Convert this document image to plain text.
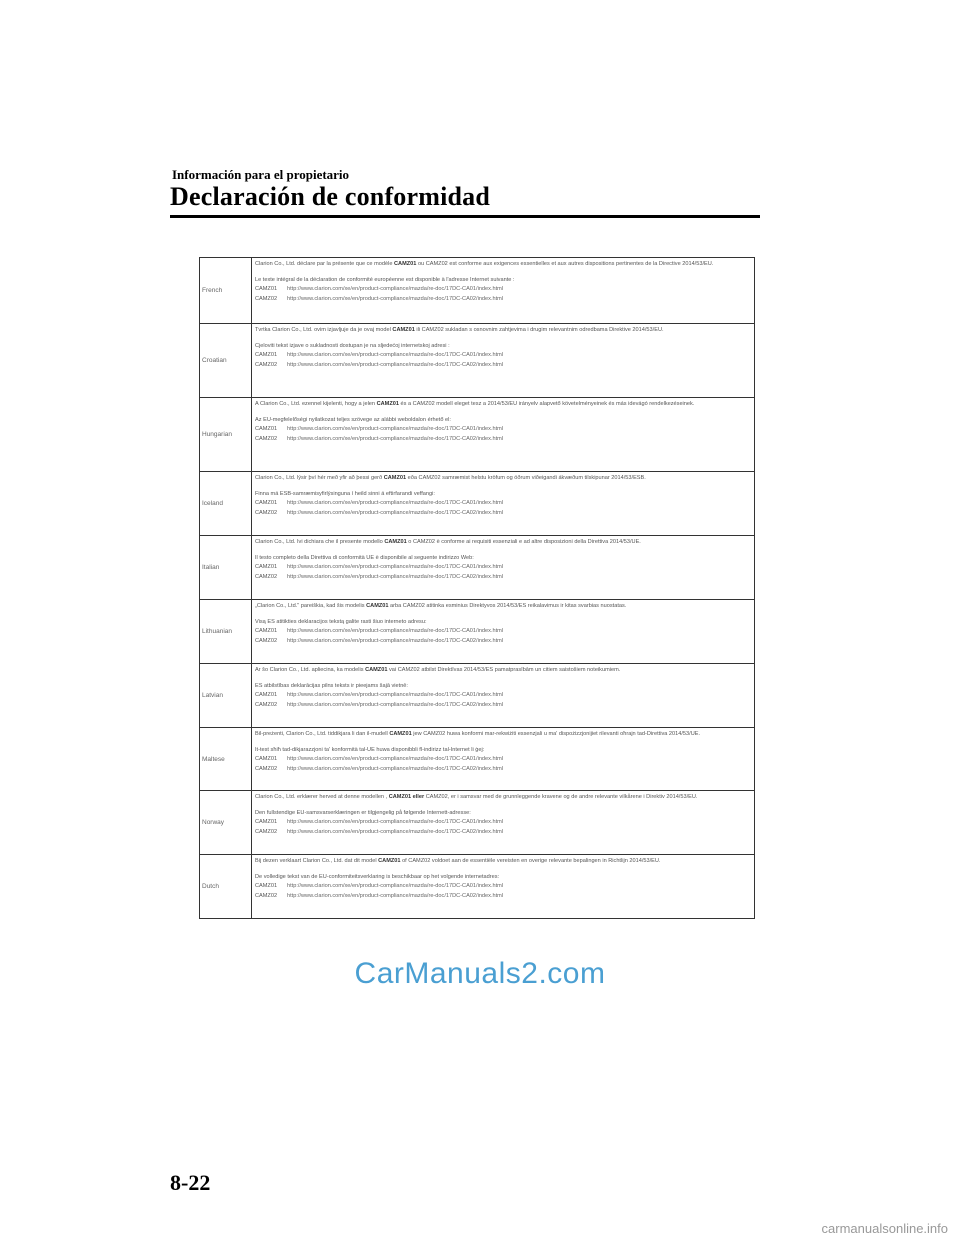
Información para el propietario
Declaración de conformidad
French	Clarion Co., Ltd. déclare par la présente que ce modèle CAMZ01 ou CAMZ02 est conforme aux exigences essentielles et aux autres dispositions pertinentes de la Directive 2014/53/EU.
Le texte intégral de la déclaration de conformité européenne est disponible à l'adresse Internet suivante :
CAMZ01 http://www.clarion.com/xe/en/product-compliance/mazda/re-doc/17DC-CA01/index.html
CAMZ02 http://www.clarion.com/xe/en/product-compliance/mazda/re-doc/17DC-CA02/index.html

Croatian	Tvrtka Clarion Co., Ltd. ovim izjavljuje da je ovaj model CAMZ01 ili CAMZ02 sukladan s osnovnim zahtjevima i drugim relevantnim odredbama Direktive 2014/53/EU.
Cjeloviti tekst izjave o sukladnosti dostupan je na sljedećoj internetskoj adresi :
CAMZ01 http://www.clarion.com/xe/en/product-compliance/mazda/re-doc/17DC-CA01/index.html
CAMZ02 http://www.clarion.com/xe/en/product-compliance/mazda/re-doc/17DC-CA02/index.html

Hungarian	A Clarion Co., Ltd. ezennel kijelenti, hogy a jelen CAMZ01 és a CAMZ02 modell eleget tesz a 2014/53/EU irányelv alapvető követelményeinek és más idevágó rendelkezéseinek.
Az EU-megfelelőségi nyilatkozat teljes szövege az alábbi weboldalon érhető el:
CAMZ01 http://www.clarion.com/xe/en/product-compliance/mazda/re-doc/17DC-CA01/index.html
CAMZ02 http://www.clarion.com/xe/en/product-compliance/mazda/re-doc/17DC-CA02/index.html

Iceland	Clarion Co., Ltd. lýsir því hér með yfir að þessi gerð CAMZ01 eða CAMZ02 samræmist helstu kröfum og öðrum viðeigandi ákvæðum tilskipunar 2014/53/ESB.
Finna má ESB-samræmisyfirlýsinguna í heild sinni á eftirfarandi veffangi:
CAMZ01 http://www.clarion.com/xe/en/product-compliance/mazda/re-doc/17DC-CA01/index.html
CAMZ02 http://www.clarion.com/xe/en/product-compliance/mazda/re-doc/17DC-CA02/index.html

Italian	Clarion Co., Ltd. Ivi dichiara che il presente modello CAMZ01 o CAMZ02 è conforme ai requisiti essenziali e ad altre disposizioni della Direttiva 2014/53/UE.
Il testo completo della Direttiva di conformità UE è disponibile al seguente indirizzo Web:
CAMZ01 http://www.clarion.com/xe/en/product-compliance/mazda/re-doc/17DC-CA01/index.html
CAMZ02 http://www.clarion.com/xe/en/product-compliance/mazda/re-doc/17DC-CA02/index.html

Lithuanian	„Clarion Co., Ltd." pareiškia, kad šis modelis CAMZ01 arba CAMZ02 atitinka esminius Direktyvos 2014/53/ES reikalavimus ir kitas svarbias nuostatas.
Visą ES atitikties deklaracijos tekstą galite rasti šiuo interneto adresu:
CAMZ01 http://www.clarion.com/xe/en/product-compliance/mazda/re-doc/17DC-CA01/index.html
CAMZ02 http://www.clarion.com/xe/en/product-compliance/mazda/re-doc/17DC-CA02/index.html

Latvian	Ar šo Clarion Co., Ltd. apliecina, ka modelis CAMZ01 vai CAMZ02 atbilst Direktīvas 2014/53/ES pamatprasībām un citiem saistošiem noteikumiem.
ES atbilstības deklarācijas pilns teksts ir pieejams šajā vietnē:
CAMZ01 http://www.clarion.com/xe/en/product-compliance/mazda/re-doc/17DC-CA01/index.html
CAMZ02 http://www.clarion.com/xe/en/product-compliance/mazda/re-doc/17DC-CA02/index.html

Maltese	Bil-preżenti, Clarion Co., Ltd. tiddikjara li dan il-mudell CAMZ01 jew CAMZ02 huwa konformi mar-rekwiżiti essenzjali u ma' dispożizzjonijiet rilevanti oħrajn tad-Direttiva 2014/53/UE.
It-test sħiħ tad-dikjarazzjoni ta' konformità tal-UE huwa disponibbli fl-indirizz tal-Internet li ġej:
CAMZ01 http://www.clarion.com/xe/en/product-compliance/mazda/re-doc/17DC-CA01/index.html
CAMZ02 http://www.clarion.com/xe/en/product-compliance/mazda/re-doc/17DC-CA02/index.html

Norway	Clarion Co., Ltd. erklærer herved at denne modellen , CAMZ01 eller CAMZ02, er i samsvar med de grunnleggende kravene og de andre relevante vilkårene i Direktiv 2014/53/EU.
Den fullstendige EU-samsvarserklæringen er tilgjengelig på følgende Internett-adresse:
CAMZ01 http://www.clarion.com/xe/en/product-compliance/mazda/re-doc/17DC-CA01/index.html
CAMZ02 http://www.clarion.com/xe/en/product-compliance/mazda/re-doc/17DC-CA02/index.html

Dutch	Bij dezen verklaart Clarion Co., Ltd. dat dit model CAMZ01 of CAMZ02 voldoet aan de essentiële vereisten en overige relevante bepalingen in Richtlijn 2014/53/EU.
De volledige tekst van de EU-conformiteitsverklaring is beschikbaar op het volgende internetadres:
CAMZ01 http://www.clarion.com/xe/en/product-compliance/mazda/re-doc/17DC-CA01/index.html
CAMZ02 http://www.clarion.com/xe/en/product-compliance/mazda/re-doc/17DC-CA02/index.html
CarManuals2.com
8-22
carmanualsonline.info
